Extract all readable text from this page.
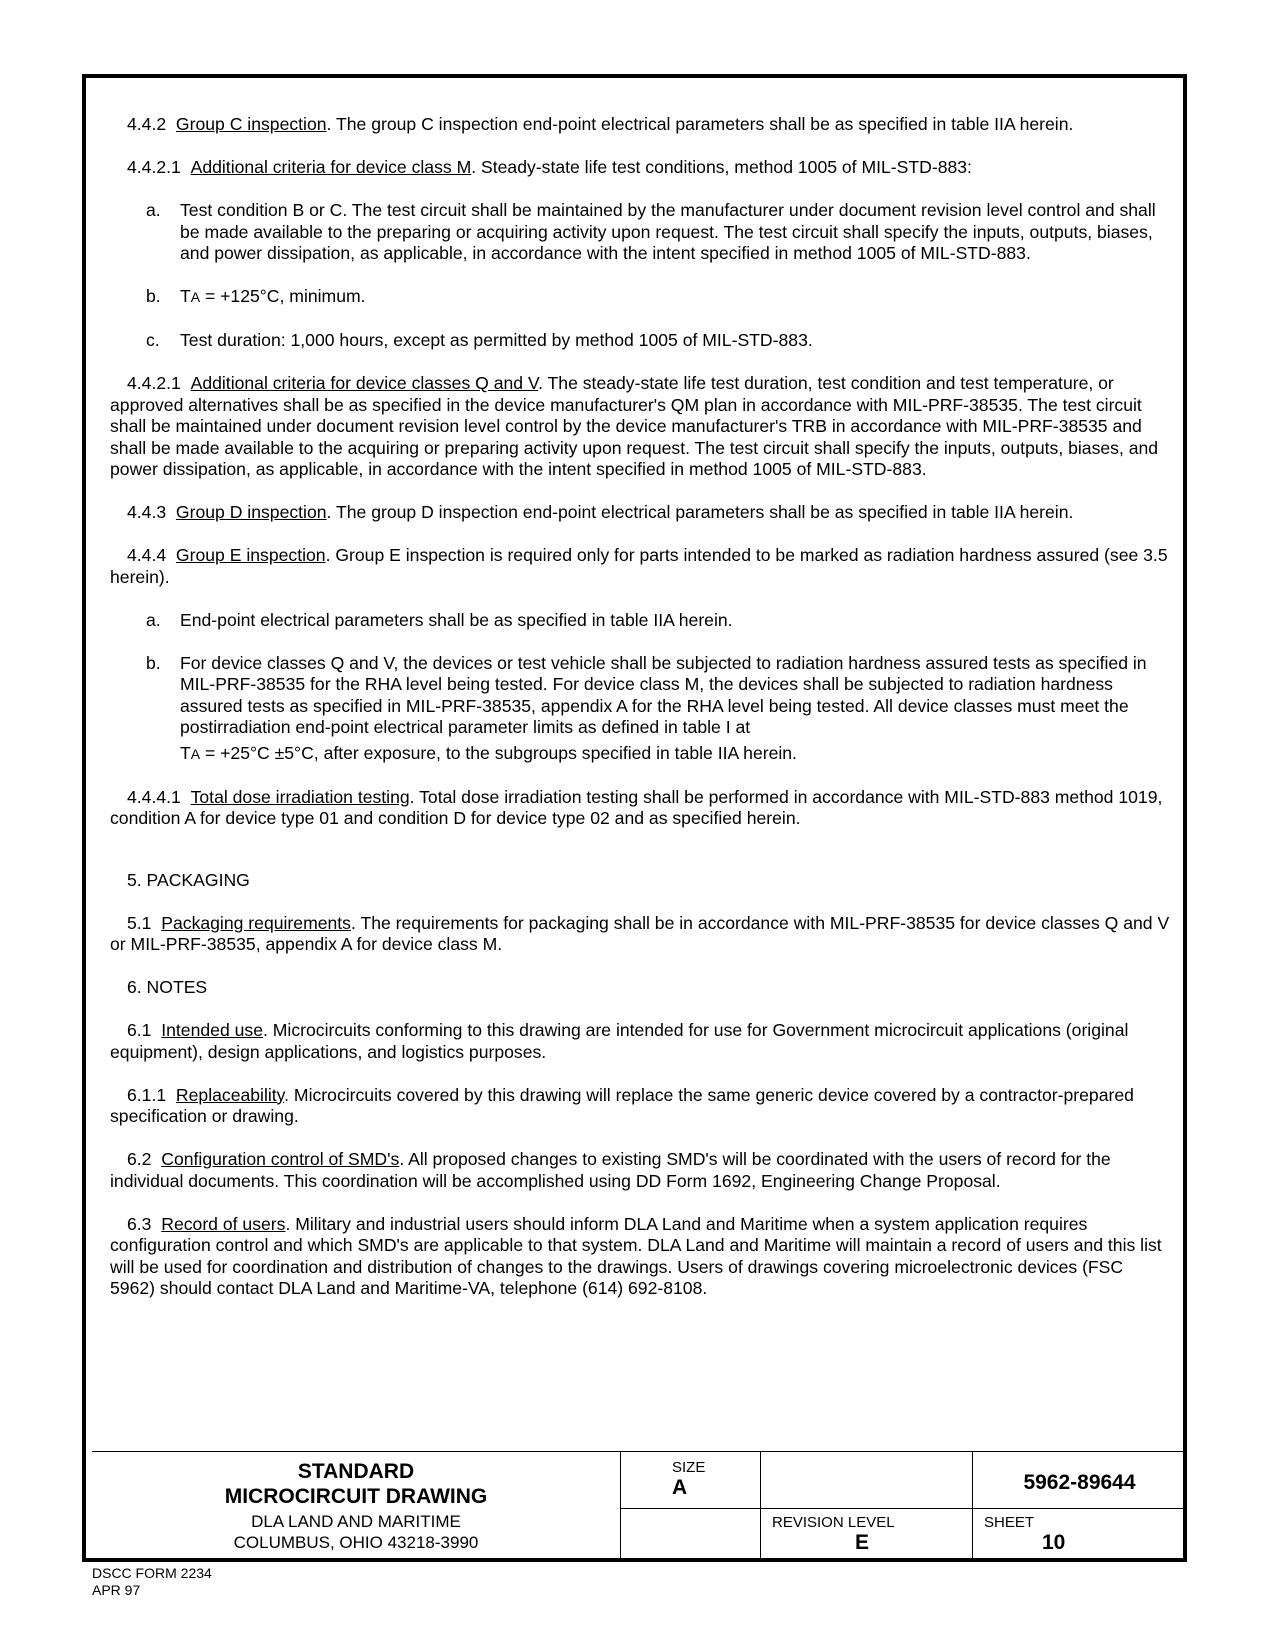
4.4.2 Group C inspection. The group C inspection end-point electrical parameters shall be as specified in table IIA herein.

4.4.2.1 Additional criteria for device class M. Steady-state life test conditions, method 1005 of MIL-STD-883:

a. Test condition B or C. The test circuit shall be maintained by the manufacturer under document revision level control and shall be made available to the preparing or acquiring activity upon request. The test circuit shall specify the inputs, outputs, biases, and power dissipation, as applicable, in accordance with the intent specified in method 1005 of MIL-STD-883.
b. TA = +125°C, minimum.
c. Test duration: 1,000 hours, except as permitted by method 1005 of MIL-STD-883.

4.4.2.1 Additional criteria for device classes Q and V. The steady-state life test duration, test condition and test temperature, or approved alternatives shall be as specified in the device manufacturer's QM plan in accordance with MIL-PRF-38535. The test circuit shall be maintained under document revision level control by the device manufacturer's TRB in accordance with MIL-PRF-38535 and shall be made available to the acquiring or preparing activity upon request. The test circuit shall specify the inputs, outputs, biases, and power dissipation, as applicable, in accordance with the intent specified in method 1005 of MIL-STD-883.

4.4.3 Group D inspection. The group D inspection end-point electrical parameters shall be as specified in table IIA herein.

4.4.4 Group E inspection. Group E inspection is required only for parts intended to be marked as radiation hardness assured (see 3.5 herein).

a. End-point electrical parameters shall be as specified in table IIA herein.
b. For device classes Q and V, the devices or test vehicle shall be subjected to radiation hardness assured tests as specified in MIL-PRF-38535 for the RHA level being tested. For device class M, the devices shall be subjected to radiation hardness assured tests as specified in MIL-PRF-38535, appendix A for the RHA level being tested. All device classes must meet the postirradiation end-point electrical parameter limits as defined in table I at
TA = +25°C ±5°C, after exposure, to the subgroups specified in table IIA herein.

4.4.4.1 Total dose irradiation testing. Total dose irradiation testing shall be performed in accordance with MIL-STD-883 method 1019, condition A for device type 01 and condition D for device type 02 and as specified herein.

5. PACKAGING

5.1 Packaging requirements. The requirements for packaging shall be in accordance with MIL-PRF-38535 for device classes Q and V or MIL-PRF-38535, appendix A for device class M.

6. NOTES

6.1 Intended use. Microcircuits conforming to this drawing are intended for use for Government microcircuit applications (original equipment), design applications, and logistics purposes.

6.1.1 Replaceability. Microcircuits covered by this drawing will replace the same generic device covered by a contractor-prepared specification or drawing.

6.2 Configuration control of SMD's. All proposed changes to existing SMD's will be coordinated with the users of record for the individual documents. This coordination will be accomplished using DD Form 1692, Engineering Change Proposal.

6.3 Record of users. Military and industrial users should inform DLA Land and Maritime when a system application requires configuration control and which SMD's are applicable to that system. DLA Land and Maritime will maintain a record of users and this list will be used for coordination and distribution of changes to the drawings. Users of drawings covering microelectronic devices (FSC 5962) should contact DLA Land and Maritime-VA, telephone (614) 692-8108.

STANDARD
MICROCIRCUIT DRAWING
DLA LAND AND MARITIME
COLUMBUS, OHIO 43218-3990
SIZE
A	5962-89644
REVISION LEVEL
E
SHEET
10
DSCC FORM 2234
APR 97
